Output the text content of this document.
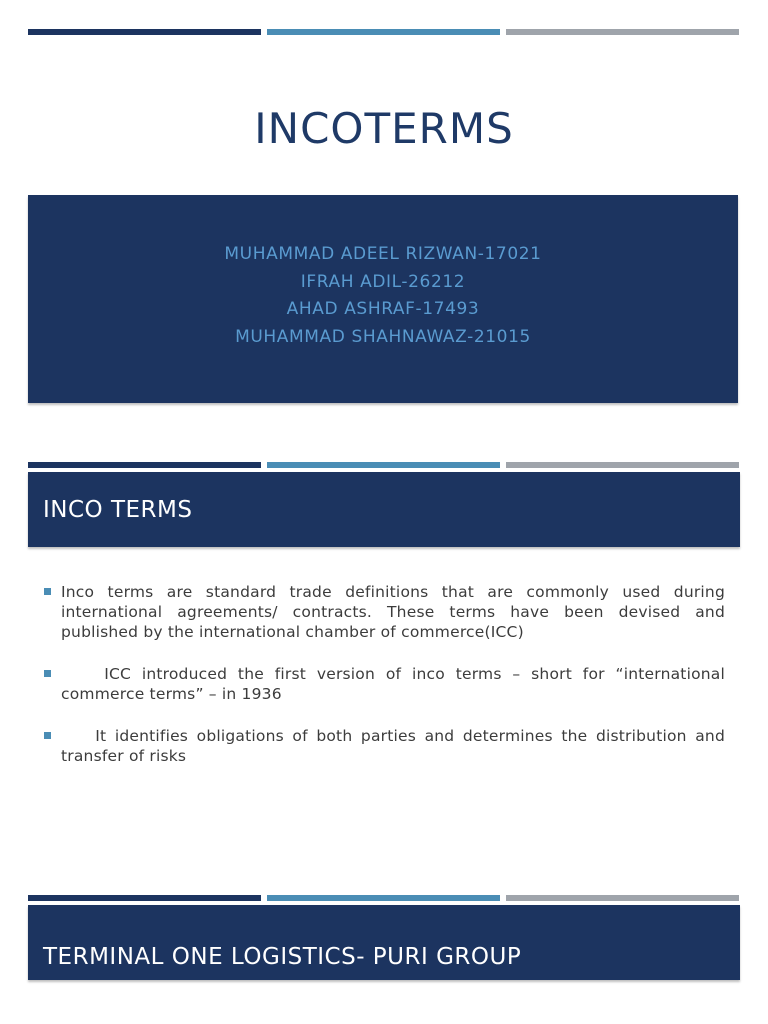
INCOTERMS
MUHAMMAD ADEEL RIZWAN-17021
IFRAH ADIL-26212
AHAD ASHRAF-17493
MUHAMMAD SHAHNAWAZ-21015
INCO TERMS
Inco terms are standard trade definitions that are commonly used during international agreements/ contracts. These terms have been devised and published by the international chamber of commerce(ICC)
ICC introduced the first version of inco terms – short for “international commerce terms” – in 1936
It identifies obligations of both parties and determines the distribution and transfer of risks
TERMINAL ONE LOGISTICS- PURI GROUP
